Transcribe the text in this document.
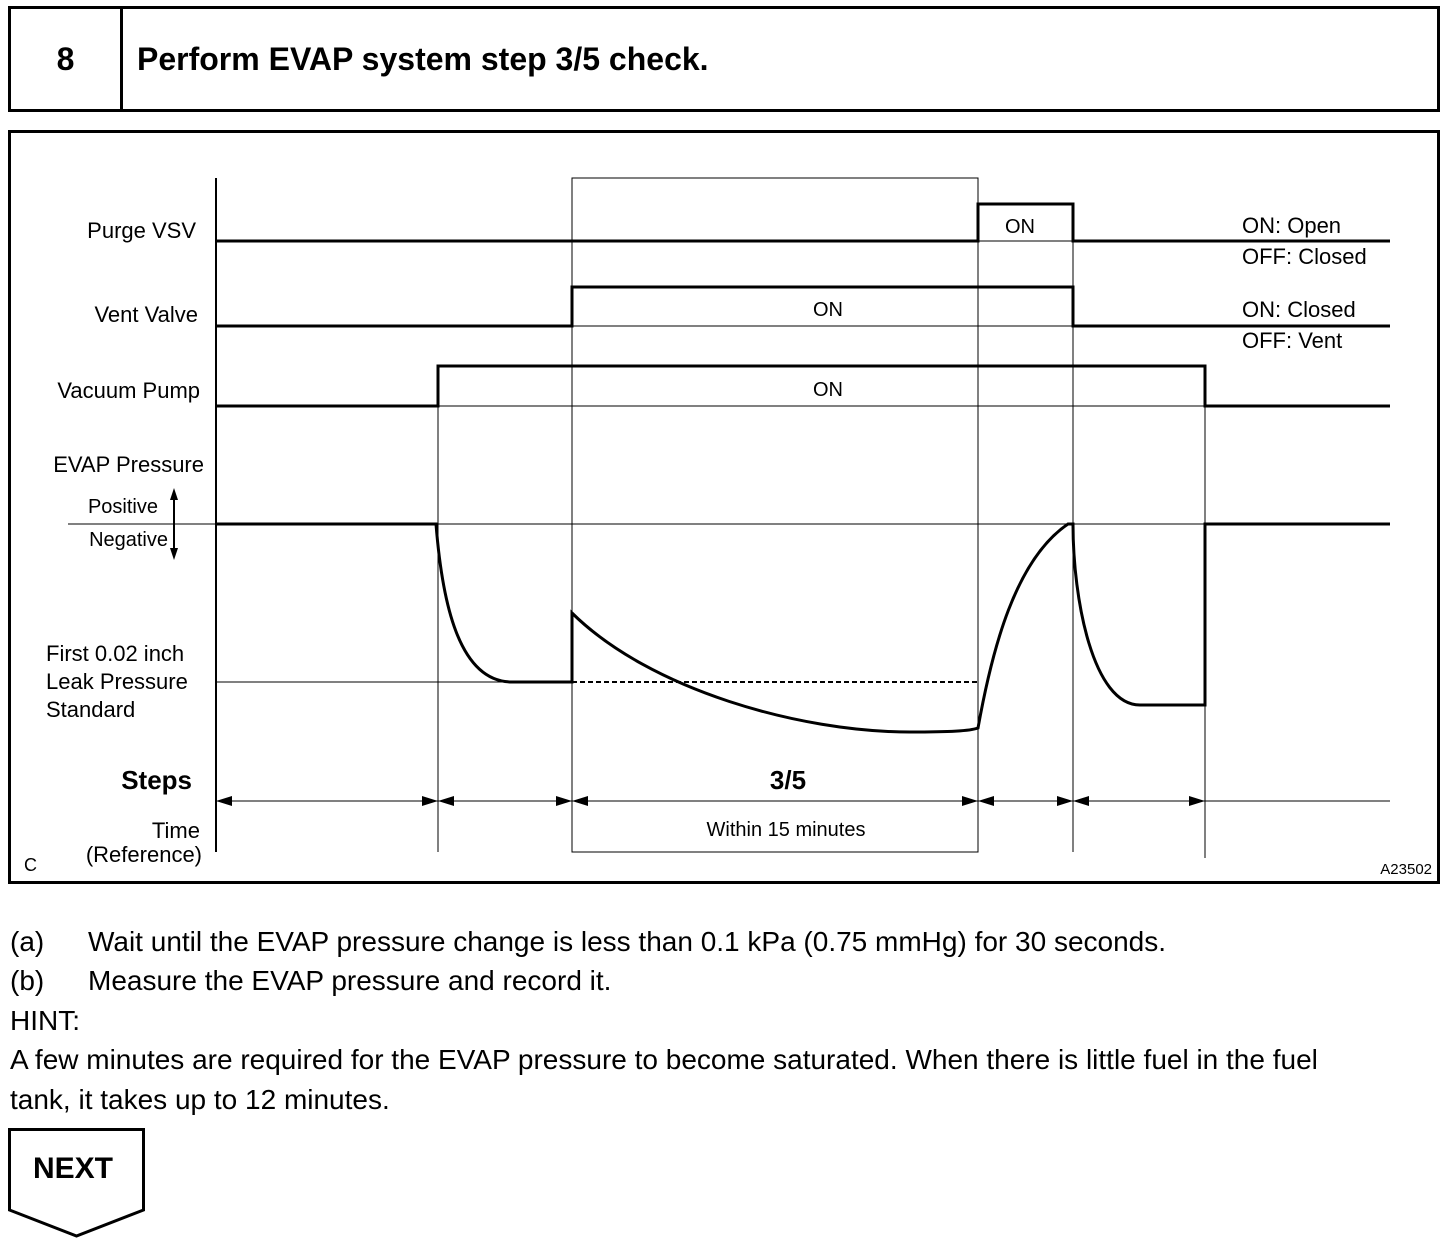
8	Perform EVAP system step 3/5 check.
Purge VSV
Vent Valve
Vacuum Pump
EVAP Pressure
Positive
Negative
First 0.02 inch
Leak Pressure
Standard
Steps
Time
(Reference)
ON
ON
ON
ON: Open
OFF: Closed
ON: Closed
OFF: Vent
3/5
Within 15 minutes
C	A23502
(a) Wait until the EVAP pressure change is less than 0.1 kPa (0.75 mmHg) for 30 seconds.
(b) Measure the EVAP pressure and record it.
HINT:
A few minutes are required for the EVAP pressure to become saturated. When there is little fuel in the fuel
tank, it takes up to 12 minutes.
NEXT
